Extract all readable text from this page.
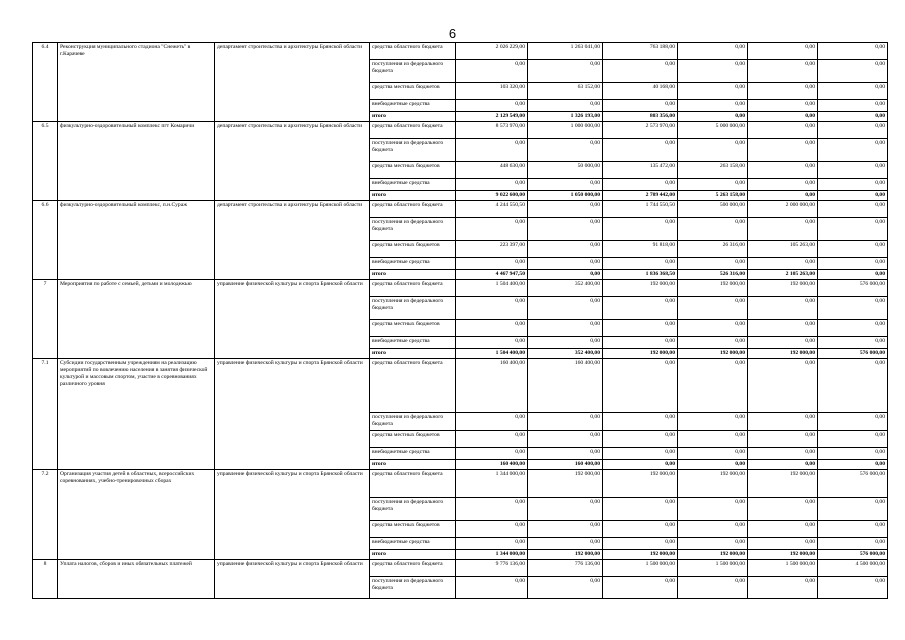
6
6.4	Реконструкция муниципального стадиона "Снежеть" в г.Карачеве	департамент строительства и архитектуры Брянской области	средства областного бюджета	2 026 229,00	1 263 041,00	763 188,00	0,00	0,00	0,00
			поступления из федерального бюджета	0,00	0,00	0,00	0,00	0,00	0,00
			средства местных бюджетов	103 320,00	63 152,00	40 168,00	0,00	0,00	0,00
			внебюджетные средства	0,00	0,00	0,00	0,00	0,00	0,00
			итого	2 129 549,00	1 326 193,00	803 356,00	0,00	0,00	0,00
6.5	физкультурно-оздоровительный комплекс пгт Комаричи	департамент строительства и архитектуры Брянской области	средства областного бюджета	8 573 970,00	1 000 000,00	2 573 970,00	5 000 000,00	0,00	0,00
			поступления из федерального бюджета	0,00	0,00	0,00	0,00	0,00	0,00
			средства местных бюджетов	448 630,00	50 000,00	135 472,00	263 158,00	0,00	0,00
			внебюджетные средства	0,00	0,00	0,00	0,00	0,00	0,00
			итого	9 022 600,00	1 050 000,00	2 709 442,00	5 263 158,00	0,00	0,00
6.6	физкультурно-оздоровительный комплекс, п.н.Сураж	департамент строительства и архитектуры Брянской области	средства областного бюджета	4 244 550,50	0,00	1 744 550,50	500 000,00	2 000 000,00	0,00
			поступления из федерального бюджета	0,00	0,00	0,00	0,00	0,00	0,00
			средства местных бюджетов	223 397,00	0,00	91 818,00	26 316,00	105 263,00	0,00
			внебюджетные средства	0,00	0,00	0,00	0,00	0,00	0,00
			итого	4 467 947,50	0,00	1 836 368,50	526 316,00	2 105 263,00	0,00
7	Мероприятия по работе с семьей, детьми и молодежью	управление физической культуры и спорта Брянской области	средства областного бюджета	1 504 400,00	352 400,00	192 000,00	192 000,00	192 000,00	576 000,00
			поступления из федерального бюджета	0,00	0,00	0,00	0,00	0,00	0,00
			средства местных бюджетов	0,00	0,00	0,00	0,00	0,00	0,00
			внебюджетные средства	0,00	0,00	0,00	0,00	0,00	0,00
			итого	1 504 400,00	352 400,00	192 000,00	192 000,00	192 000,00	576 000,00
7.1	Субсидии государственным учреждениям на реализацию мероприятий по вовлечению населения в занятия физической культурой и массовым спортом, участие в соревнованиях различного уровня	управление физической культуры и спорта Брянской области	средства областного бюджета	160 400,00	160 400,00	0,00	0,00	0,00	0,00
			поступления из федерального бюджета	0,00	0,00	0,00	0,00	0,00	0,00
			средства местных бюджетов	0,00	0,00	0,00	0,00	0,00	0,00
			внебюджетные средства	0,00	0,00	0,00	0,00	0,00	0,00
			итого	160 400,00	160 400,00	0,00	0,00	0,00	0,00
7.2	Организация участия детей в областных, всероссийских соревнованиях, учебно-тренировочных сборах	управление физической культуры и спорта Брянской области	средства областного бюджета	1 344 000,00	192 000,00	192 000,00	192 000,00	192 000,00	576 000,00
			поступления из федерального бюджета	0,00	0,00	0,00	0,00	0,00	0,00
			средства местных бюджетов	0,00	0,00	0,00	0,00	0,00	0,00
			внебюджетные средства	0,00	0,00	0,00	0,00	0,00	0,00
			итого	1 344 000,00	192 000,00	192 000,00	192 000,00	192 000,00	576 000,00
8	Уплата налогов, сборов и иных обязательных платежей	управление физической культуры и спорта Брянской области	средства областного бюджета	9 776 136,00	776 136,00	1 500 000,00	1 500 000,00	1 500 000,00	4 500 000,00
			поступления из федерального бюджета	0,00	0,00	0,00	0,00	0,00	0,00
